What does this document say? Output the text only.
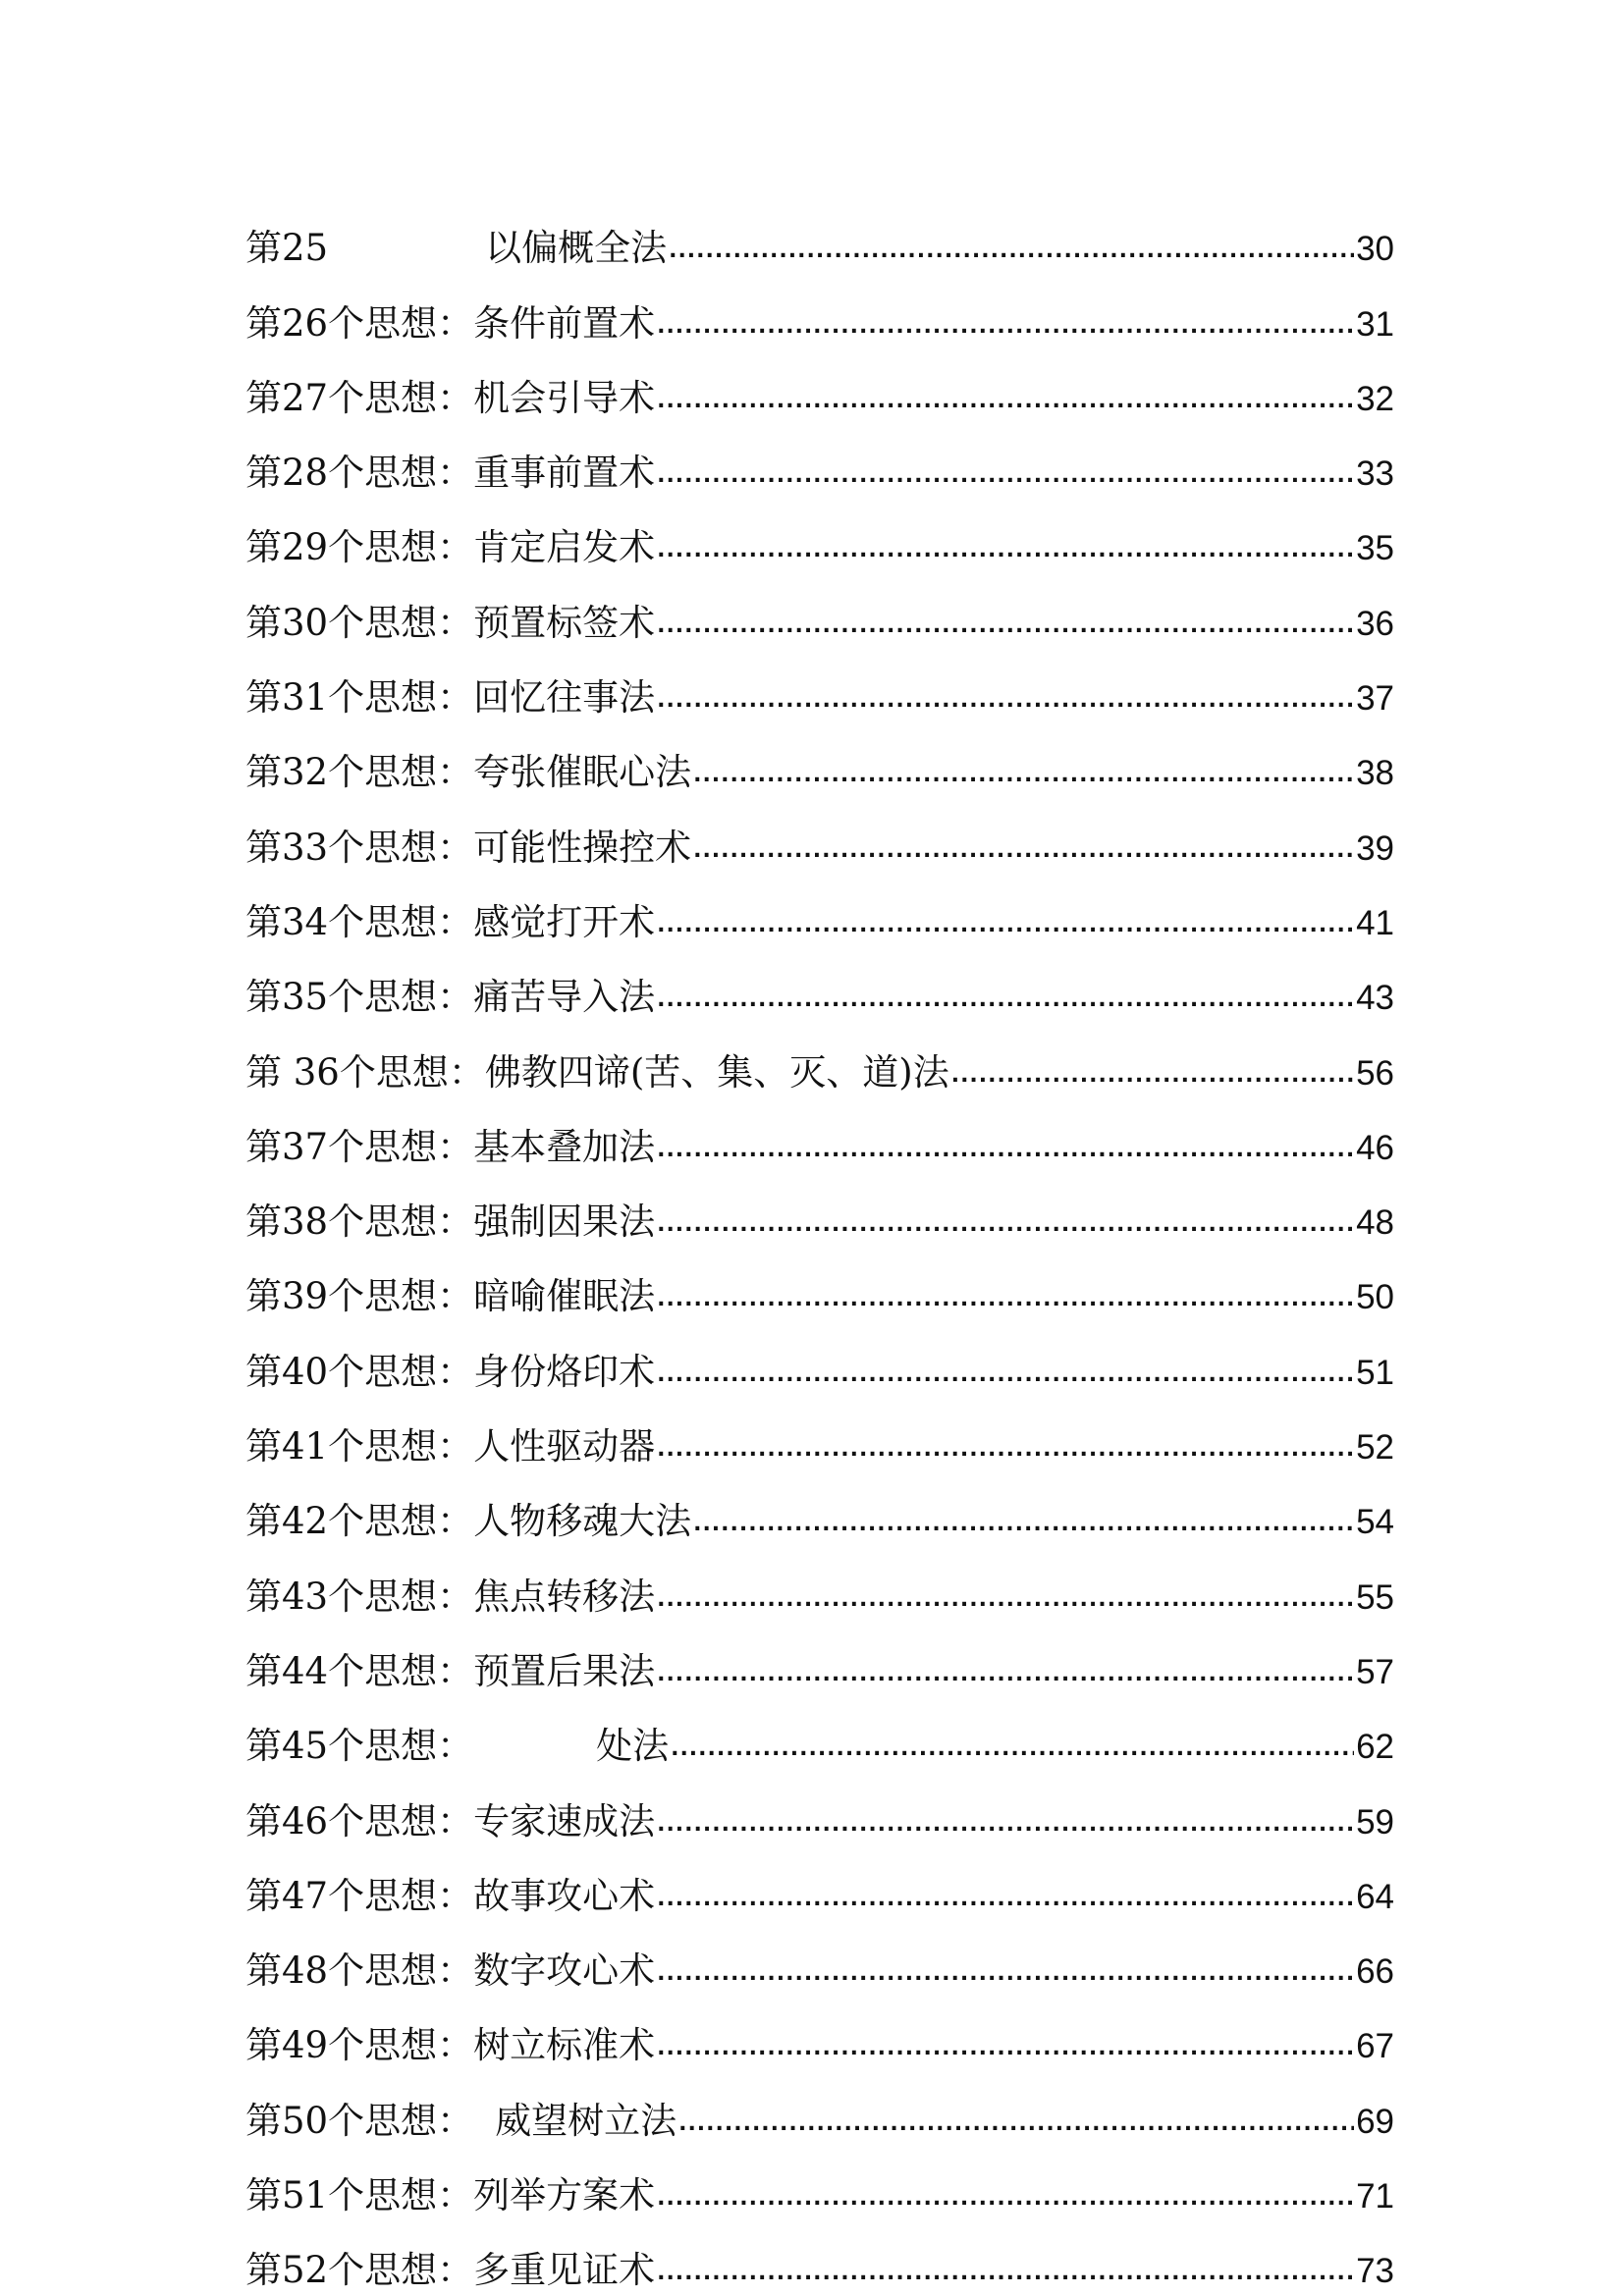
第25	以偏概全法 .....	30
第26个思想： 条件前置术 .....	31
第27个思想： 机会引导术 .....	32
第28个思想： 重事前置术 .....	33
第29个思想： 肯定启发术 .....	35
第30个思想： 预置标签术 .....	36
第31个思想： 回忆往事法 .....	37
第32个思想： 夸张催眠心法 .....	38
第33个思想： 可能性操控术 .....	39
第34个思想： 感觉打开术 .....	41
第35个思想： 痛苦导入法 .....	43
第 36个思想： 佛教四谛(苦、集、灭、道)法 .....	56
第37个思想： 基本叠加法 .....	46
第38个思想： 强制因果法 .....	48
第39个思想： 暗喻催眠法 .....	50
第40个思想： 身份烙印术 .....	51
第41个思想： 人性驱动器 .....	52
第42个思想： 人物移魂大法 .....	54
第43个思想： 焦点转移法 .....	55
第44个思想： 预置后果法 .....	57
第45个思想：	处法 .....	62
第46个思想： 专家速成法 .....	59
第47个思想： 故事攻心术 .....	64
第48个思想： 数字攻心术 .....	66
第49个思想： 树立标准术 .....	67
第50个思想： 威望树立法 .....	69
第51个思想： 列举方案术 .....	71
第52个思想： 多重见证术 .....	73
